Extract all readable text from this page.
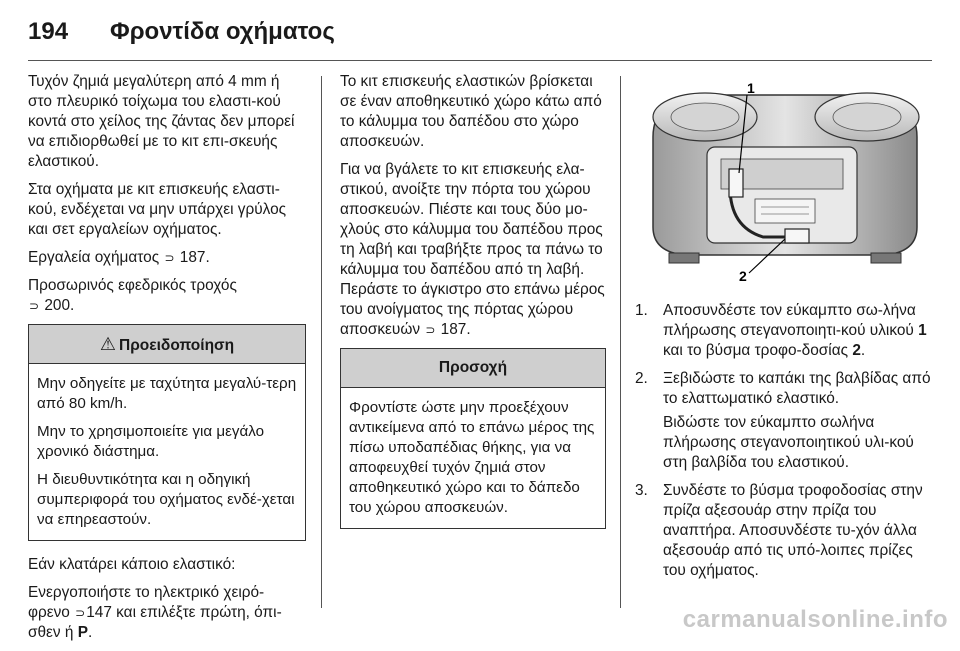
194 Φροντίδα οχήματος

Τυχόν ζημιά μεγαλύτερη από 4 mm ή στο πλευρικό τοίχωμα του ελαστι-κού κοντά στο χείλος της ζάντας δεν μπορεί να επιδιορθωθεί με το κιτ επι-σκευής ελαστικού.

Στα οχήματα με κιτ επισκευής ελαστι-κού, ενδέχεται να μην υπάρχει γρύλος και σετ εργαλείων οχήματος.

Εργαλεία οχήματος ⊃ 187.

Προσωρινός εφεδρικός τροχός
⊃ 200.

⚠ Προειδοποίηση

Μην οδηγείτε με ταχύτητα μεγαλύ-τερη από 80 km/h.

Μην το χρησιμοποιείτε για μεγάλο χρονικό διάστημα.

Η διευθυντικότητα και η οδηγική συμπεριφορά του οχήματος ενδέ-χεται να επηρεαστούν.

Εάν κλατάρει κάποιο ελαστικό:

Ενεργοποιήστε το ηλεκτρικό χειρό-φρενο ⊃147 και επιλέξτε πρώτη, όπι-σθεν ή P.

Το κιτ επισκευής ελαστικών βρίσκεται σε έναν αποθηκευτικό χώρο κάτω από το κάλυμμα του δαπέδου στο χώρο αποσκευών.

Για να βγάλετε το κιτ επισκευής ελα-στικού, ανοίξτε την πόρτα του χώρου αποσκευών. Πιέστε και τους δύο μο-χλούς στο κάλυμμα του δαπέδου προς τη λαβή και τραβήξτε προς τα πάνω το κάλυμμα του δαπέδου από τη λαβή. Περάστε το άγκιστρο στο επάνω μέρος του ανοίγματος της πόρτας χώρου αποσκευών ⊃ 187.

Προσοχή

Φροντίστε ώστε μην προεξέχουν αντικείμενα από το επάνω μέρος της πίσω υποδαπέδιας θήκης, για να αποφευχθεί τυχόν ζημιά στον αποθηκευτικό χώρο και το δάπεδο του χώρου αποσκευών.

1
2
1. Αποσυνδέστε τον εύκαμπτο σω-λήνα πλήρωσης στεγανοποιητι-κού υλικού 1 και το βύσμα τροφο-δοσίας 2.

2. Ξεβιδώστε το καπάκι της βαλβίδας από το ελαττωματικό ελαστικό.

Βιδώστε τον εύκαμπτο σωλήνα πλήρωσης στεγανοποιητικού υλι-κού στη βαλβίδα του ελαστικού.

3. Συνδέστε το βύσμα τροφοδοσίας στην πρίζα αξεσουάρ στην πρίζα του αναπτήρα. Αποσυνδέστε τυ-χόν άλλα αξεσουάρ από τις υπό-λοιπες πρίζες του οχήματος.

carmanualsonline.info
